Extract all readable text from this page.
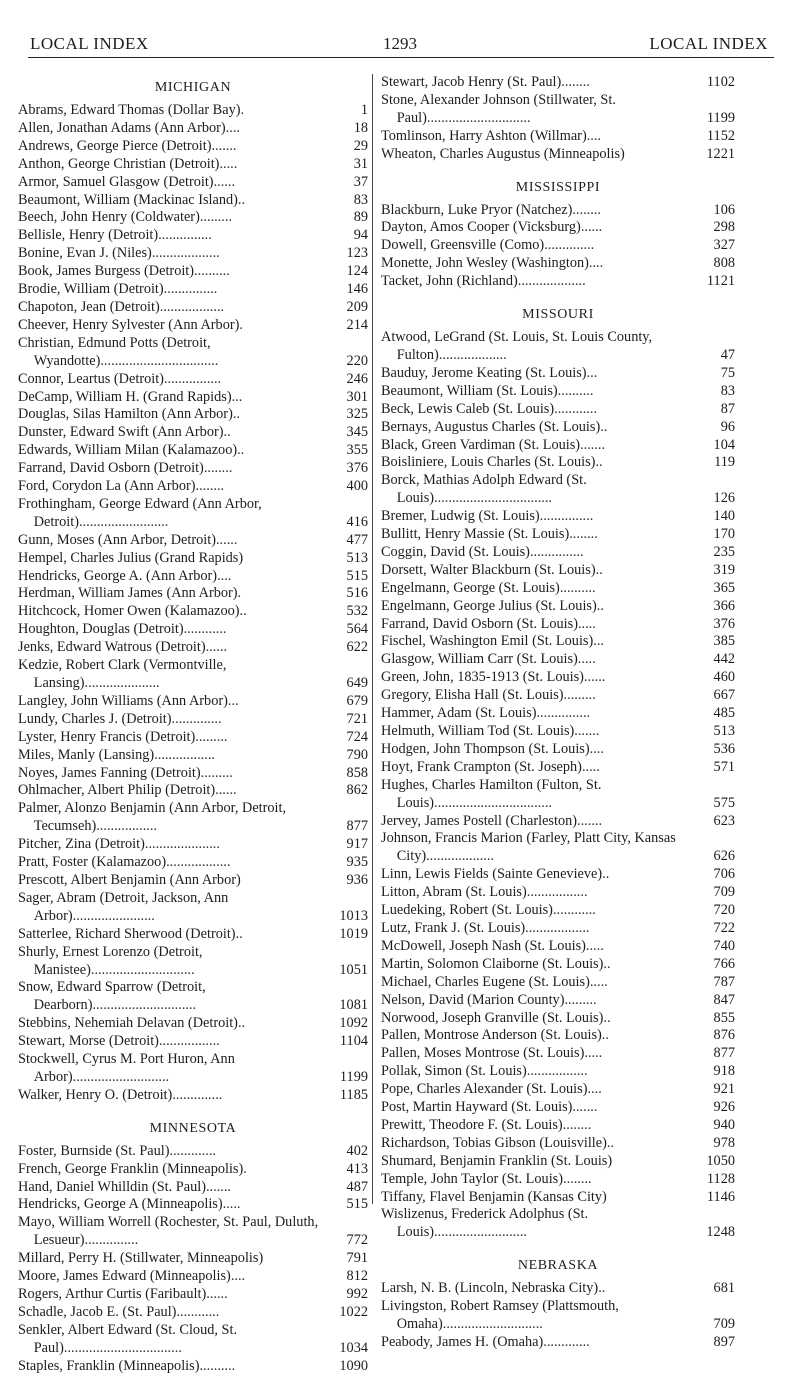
LOCAL INDEX	1293	LOCAL INDEX
MICHIGAN
Abrams, Edward Thomas (Dollar Bay).	1
Allen, Jonathan Adams (Ann Arbor)....	18
Andrews, George Pierce (Detroit).......	29
Anthon, George Christian (Detroit).....	31
Armor, Samuel Glasgow (Detroit)......	37
Beaumont, William (Mackinac Island)..	83
Beech, John Henry (Coldwater).........	89
Bellisle, Henry (Detroit)...............	94
Bonine, Evan J. (Niles)...................	123
Book, James Burgess (Detroit)..........	124
Brodie, William (Detroit)...............	146
Chapoton, Jean (Detroit)..................	209
Cheever, Henry Sylvester (Ann Arbor).	214
Christian, Edmund Potts (Detroit, Wyandotte).................................	220
Connor, Leartus (Detroit)................	246
DeCamp, William H. (Grand Rapids)...	301
Douglas, Silas Hamilton (Ann Arbor)..	325
Dunster, Edward Swift (Ann Arbor)..	345
Edwards, William Milan (Kalamazoo)..	355
Farrand, David Osborn (Detroit)........	376
Ford, Corydon La (Ann Arbor)........	400
Frothingham, George Edward (Ann Arbor, Detroit).........................	416
Gunn, Moses (Ann Arbor, Detroit)......	477
Hempel, Charles Julius (Grand Rapids)	513
Hendricks, George A. (Ann Arbor)....	515
Herdman, William James (Ann Arbor).	516
Hitchcock, Homer Owen (Kalamazoo)..	532
Houghton, Douglas (Detroit)............	564
Jenks, Edward Watrous (Detroit)......	622
Kedzie, Robert Clark (Vermontville, Lansing).....................	649
Langley, John Williams (Ann Arbor)...	679
Lundy, Charles J. (Detroit)..............	721
Lyster, Henry Francis (Detroit).........	724
Miles, Manly (Lansing).................	790
Noyes, James Fanning (Detroit).........	858
Ohlmacher, Albert Philip (Detroit)......	862
Palmer, Alonzo Benjamin (Ann Arbor, Detroit, Tecumseh).................	877
Pitcher, Zina (Detroit).....................	917
Pratt, Foster (Kalamazoo)..................	935
Prescott, Albert Benjamin (Ann Arbor)	936
Sager, Abram (Detroit, Jackson, Ann Arbor).......................	1013
Satterlee, Richard Sherwood (Detroit)..	1019
Shurly, Ernest Lorenzo (Detroit, Manistee).............................	1051
Snow, Edward Sparrow (Detroit, Dearborn).............................	1081
Stebbins, Nehemiah Delavan (Detroit)..	1092
Stewart, Morse (Detroit).................	1104
Stockwell, Cyrus M. Port Huron, Ann Arbor)...........................	1199
Walker, Henry O. (Detroit)..............	1185
MINNESOTA
Foster, Burnside (St. Paul).............	402
French, George Franklin (Minneapolis).	413
Hand, Daniel Whilldin (St. Paul).......	487
Hendricks, George A (Minneapolis).....	515
Mayo, William Worrell (Rochester, St. Paul, Duluth, Lesueur)...............	772
Millard, Perry H. (Stillwater, Minneapolis)	791
Moore, James Edward (Minneapolis)....	812
Rogers, Arthur Curtis (Faribault)......	992
Schadle, Jacob E. (St. Paul)............	1022
Senkler, Albert Edward (St. Cloud, St. Paul).................................	1034
Staples, Franklin (Minneapolis)..........	1090
Stewart, Jacob Henry (St. Paul)........	1102
Stone, Alexander Johnson (Stillwater, St. Paul).............................	1199
Tomlinson, Harry Ashton (Willmar)....	1152
Wheaton, Charles Augustus (Minneapolis)	1221
MISSISSIPPI
Blackburn, Luke Pryor (Natchez)........	106
Dayton, Amos Cooper (Vicksburg)......	298
Dowell, Greensville (Como)..............	327
Monette, John Wesley (Washington)....	808
Tacket, John (Richland)...................	1121
MISSOURI
Atwood, LeGrand (St. Louis, St. Louis County, Fulton)...................	47
Bauduy, Jerome Keating (St. Louis)...	75
Beaumont, William (St. Louis)..........	83
Beck, Lewis Caleb (St. Louis)............	87
Bernays, Augustus Charles (St. Louis)..	96
Black, Green Vardiman (St. Louis).......	104
Boisliniere, Louis Charles (St. Louis)..	119
Borck, Mathias Adolph Edward (St. Louis).................................	126
Bremer, Ludwig (St. Louis)...............	140
Bullitt, Henry Massie (St. Louis)........	170
Coggin, David (St. Louis)...............	235
Dorsett, Walter Blackburn (St. Louis)..	319
Engelmann, George (St. Louis)..........	365
Engelmann, George Julius (St. Louis)..	366
Farrand, David Osborn (St. Louis).....	376
Fischel, Washington Emil (St. Louis)...	385
Glasgow, William Carr (St. Louis).....	442
Green, John, 1835-1913 (St. Louis)......	460
Gregory, Elisha Hall (St. Louis).........	667
Hammer, Adam (St. Louis)...............	485
Helmuth, William Tod (St. Louis).......	513
Hodgen, John Thompson (St. Louis)....	536
Hoyt, Frank Crampton (St. Joseph).....	571
Hughes, Charles Hamilton (Fulton, St. Louis).................................	575
Jervey, James Postell (Charleston).......	623
Johnson, Francis Marion (Farley, Platt City, Kansas City)...................	626
Linn, Lewis Fields (Sainte Genevieve)..	706
Litton, Abram (St. Louis).................	709
Luedeking, Robert (St. Louis)............	720
Lutz, Frank J. (St. Louis)..................	722
McDowell, Joseph Nash (St. Louis).....	740
Martin, Solomon Claiborne (St. Louis)..	766
Michael, Charles Eugene (St. Louis).....	787
Nelson, David (Marion County).........	847
Norwood, Joseph Granville (St. Louis)..	855
Pallen, Montrose Anderson (St. Louis)..	876
Pallen, Moses Montrose (St. Louis).....	877
Pollak, Simon (St. Louis).................	918
Pope, Charles Alexander (St. Louis)....	921
Post, Martin Hayward (St. Louis).......	926
Prewitt, Theodore F. (St. Louis)........	940
Richardson, Tobias Gibson (Louisville)..	978
Shumard, Benjamin Franklin (St. Louis)	1050
Temple, John Taylor (St. Louis)........	1128
Tiffany, Flavel Benjamin (Kansas City)	1146
Wislizenus, Frederick Adolphus (St. Louis)..........................	1248
NEBRASKA
Larsh, N. B. (Lincoln, Nebraska City)..	681
Livingston, Robert Ramsey (Plattsmouth, Omaha)............................	709
Peabody, James H. (Omaha).............	897
